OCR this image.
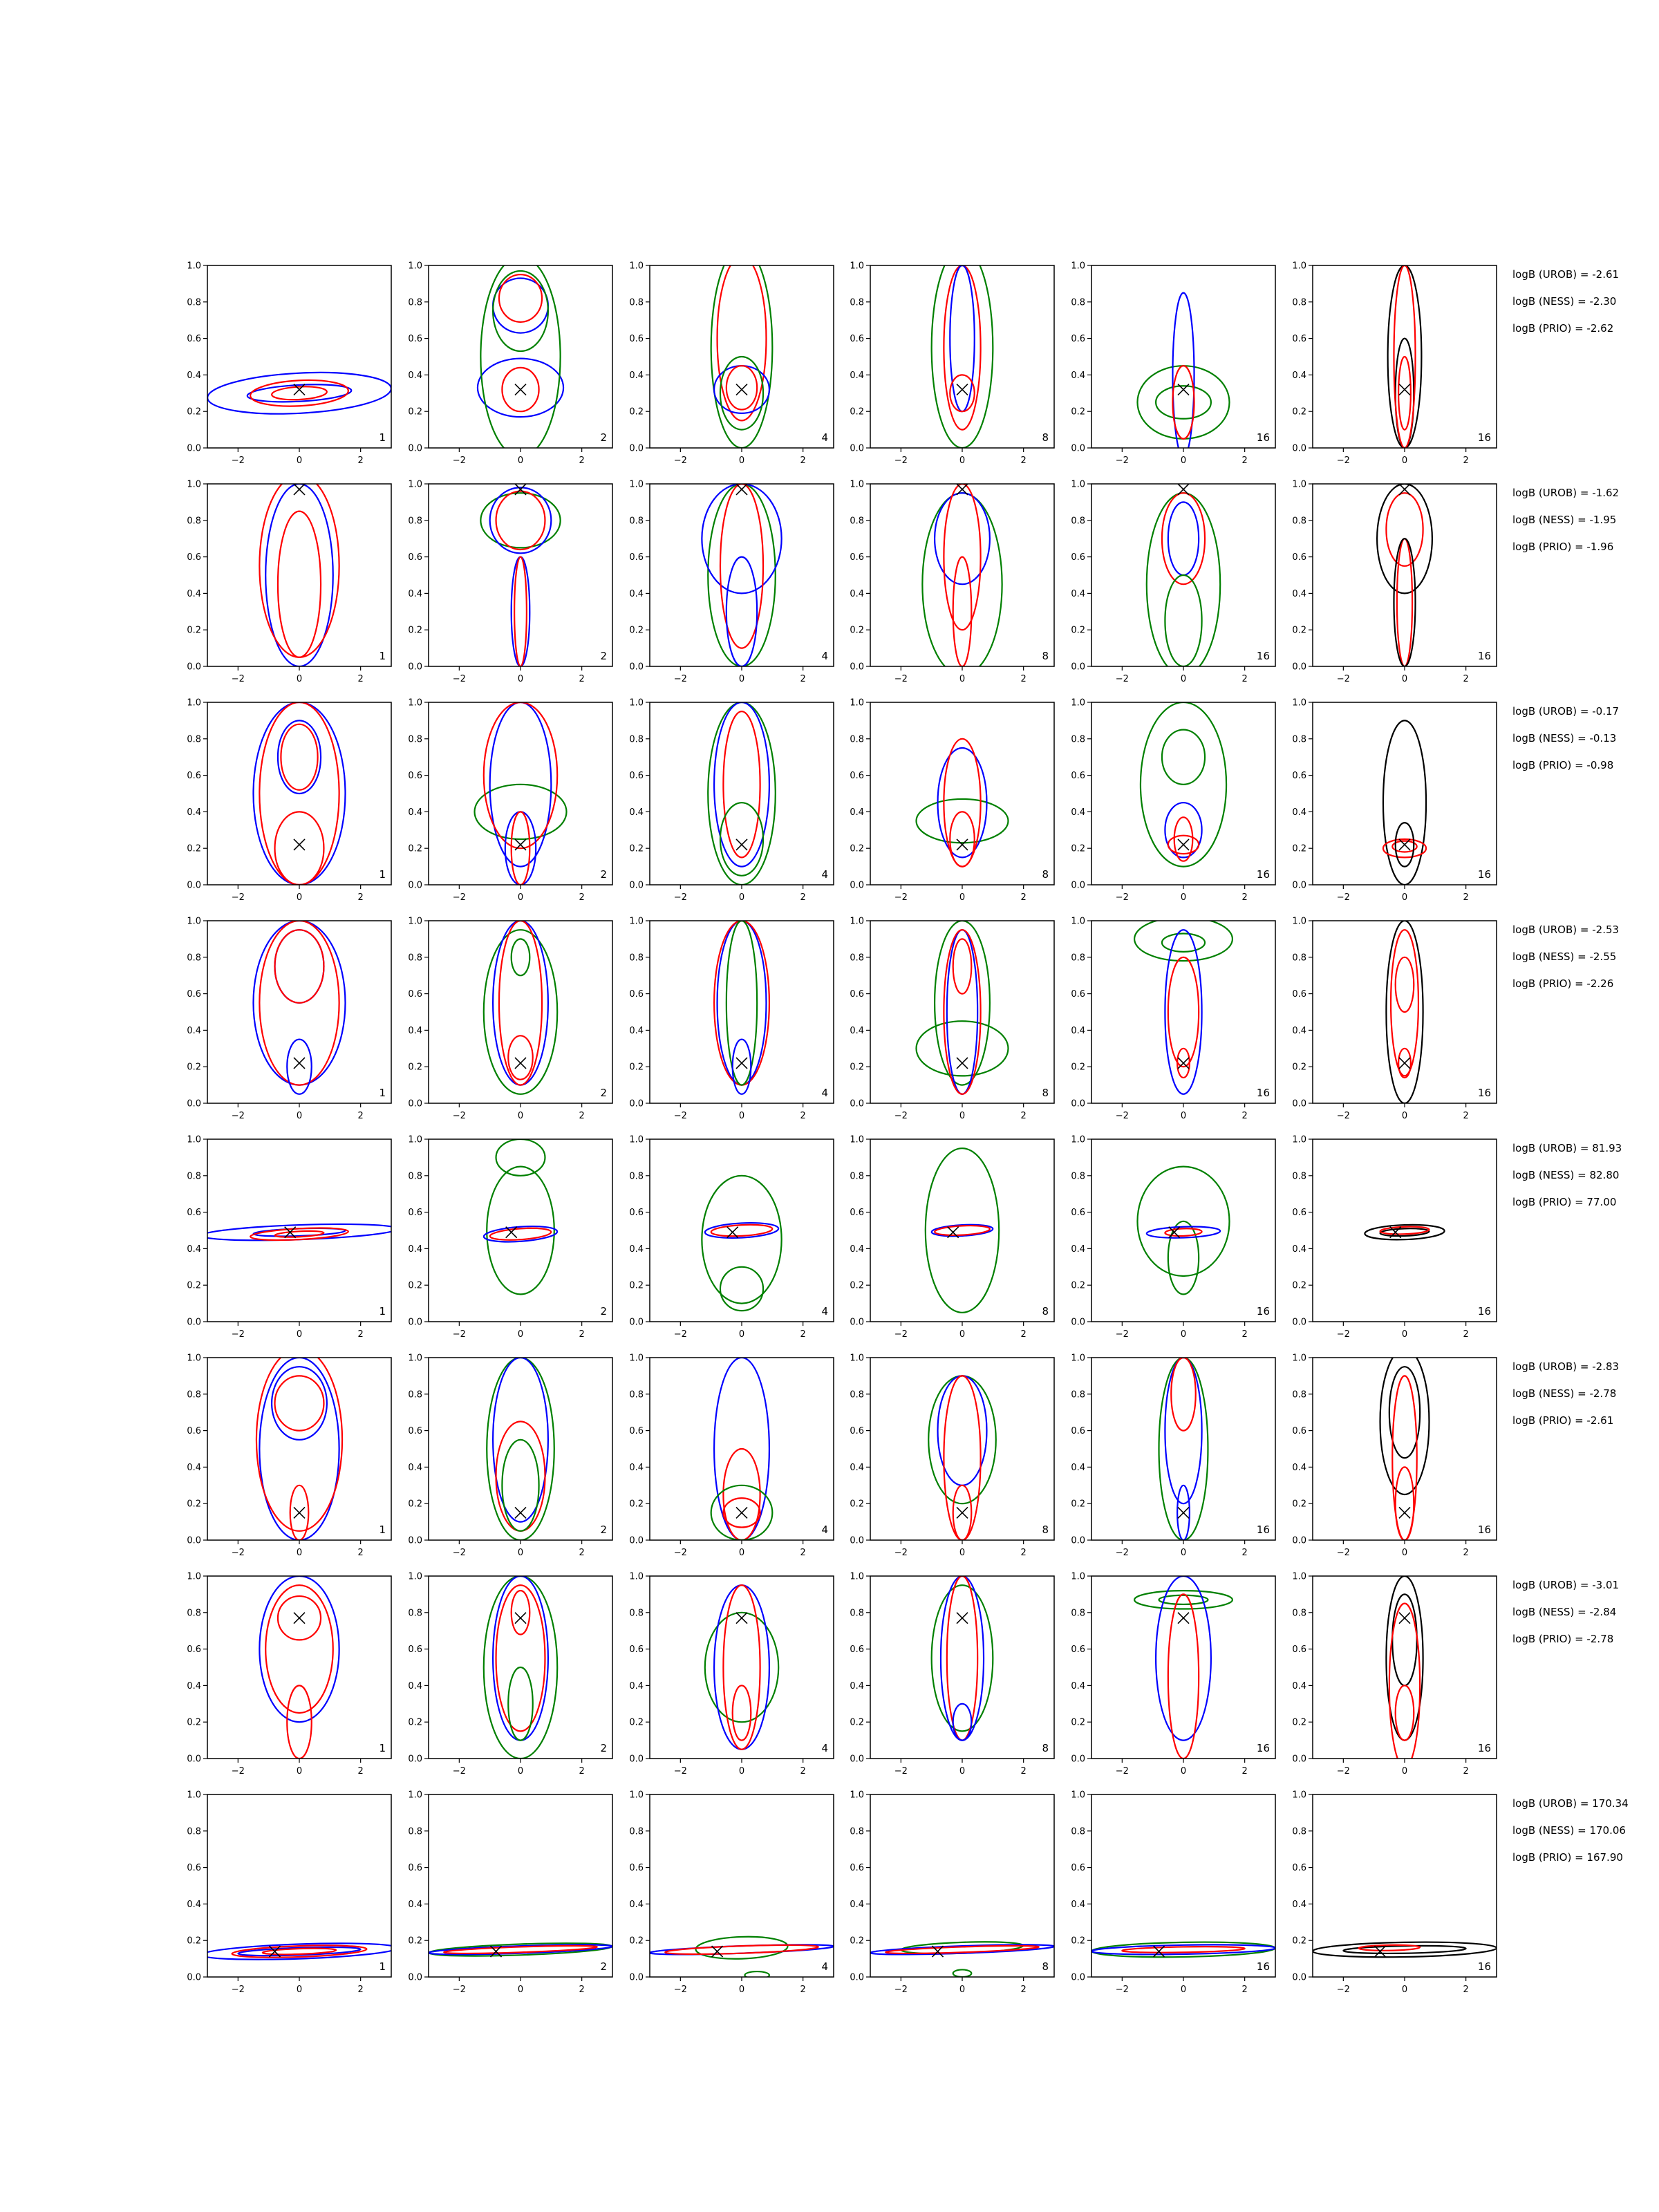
−2	0	2
0.0
0.2
0.4
0.6
0.8
1.0
1
−2	0	2
0.0
0.2
0.4
0.6
0.8
1.0
2
−2	0	2
0.0
0.2
0.4
0.6
0.8
1.0
4
−2	0	2
0.0
0.2
0.4
0.6
0.8
1.0
8
−2	0	2
0.0
0.2
0.4
0.6
0.8
1.0
16
−2	0	2
0.0
0.2
0.4
0.6
0.8
1.0
16
−2	0	2
0.0
0.2
0.4
0.6
0.8
1.0
1
−2	0	2
0.0
0.2
0.4
0.6
0.8
1.0
2
−2	0	2
0.0
0.2
0.4
0.6
0.8
1.0
4
−2	0	2
0.0
0.2
0.4
0.6
0.8
1.0
8
−2	0	2
0.0
0.2
0.4
0.6
0.8
1.0
16
−2	0	2
0.0
0.2
0.4
0.6
0.8
1.0
16
−2	0	2
0.0
0.2
0.4
0.6
0.8
1.0
1
−2	0	2
0.0
0.2
0.4
0.6
0.8
1.0
2
−2	0	2
0.0
0.2
0.4
0.6
0.8
1.0
4
−2	0	2
0.0
0.2
0.4
0.6
0.8
1.0
8
−2	0	2
0.0
0.2
0.4
0.6
0.8
1.0
16
−2	0	2
0.0
0.2
0.4
0.6
0.8
1.0
16
−2	0	2
0.0
0.2
0.4
0.6
0.8
1.0
1
−2	0	2
0.0
0.2
0.4
0.6
0.8
1.0
2
−2	0	2
0.0
0.2
0.4
0.6
0.8
1.0
4
−2	0	2
0.0
0.2
0.4
0.6
0.8
1.0
8
−2	0	2
0.0
0.2
0.4
0.6
0.8
1.0
16
−2	0	2
0.0
0.2
0.4
0.6
0.8
1.0
16
−2	0	2
0.0
0.2
0.4
0.6
0.8
1.0
1
−2	0	2
0.0
0.2
0.4
0.6
0.8
1.0
2
−2	0	2
0.0
0.2
0.4
0.6
0.8
1.0
4
−2	0	2
0.0
0.2
0.4
0.6
0.8
1.0
8
−2	0	2
0.0
0.2
0.4
0.6
0.8
1.0
16
−2	0	2
0.0
0.2
0.4
0.6
0.8
1.0
16
−2	0	2
0.0
0.2
0.4
0.6
0.8
1.0
1
−2	0	2
0.0
0.2
0.4
0.6
0.8
1.0
2
−2	0	2
0.0
0.2
0.4
0.6
0.8
1.0
4
−2	0	2
0.0
0.2
0.4
0.6
0.8
1.0
8
−2	0	2
0.0
0.2
0.4
0.6
0.8
1.0
16
−2	0	2
0.0
0.2
0.4
0.6
0.8
1.0
16
−2	0	2
0.0
0.2
0.4
0.6
0.8
1.0
1
−2	0	2
0.0
0.2
0.4
0.6
0.8
1.0
2
−2	0	2
0.0
0.2
0.4
0.6
0.8
1.0
4
−2	0	2
0.0
0.2
0.4
0.6
0.8
1.0
8
−2	0	2
0.0
0.2
0.4
0.6
0.8
1.0
16
−2	0	2
0.0
0.2
0.4
0.6
0.8
1.0
16
−2	0	2
0.0
0.2
0.4
0.6
0.8
1.0
1
−2	0	2
0.0
0.2
0.4
0.6
0.8
1.0
2
−2	0	2
0.0
0.2
0.4
0.6
0.8
1.0
4
−2	0	2
0.0
0.2
0.4
0.6
0.8
1.0
8
−2	0	2
0.0
0.2
0.4
0.6
0.8
1.0
16
−2	0	2
0.0
0.2
0.4
0.6
0.8
1.0
16
logB (UROB) = -2.61
logB (NESS) = -2.30
logB (PRIO) = -2.62
logB (UROB) = -1.62
logB (NESS) = -1.95
logB (PRIO) = -1.96
logB (UROB) = -0.17
logB (NESS) = -0.13
logB (PRIO) = -0.98
logB (UROB) = -2.53
logB (NESS) = -2.55
logB (PRIO) = -2.26
logB (UROB) = 81.93
logB (NESS) = 82.80
logB (PRIO) = 77.00
logB (UROB) = -2.83
logB (NESS) = -2.78
logB (PRIO) = -2.61
logB (UROB) = -3.01
logB (NESS) = -2.84
logB (PRIO) = -2.78
logB (UROB) = 170.34
logB (NESS) = 170.06
logB (PRIO) = 167.90
